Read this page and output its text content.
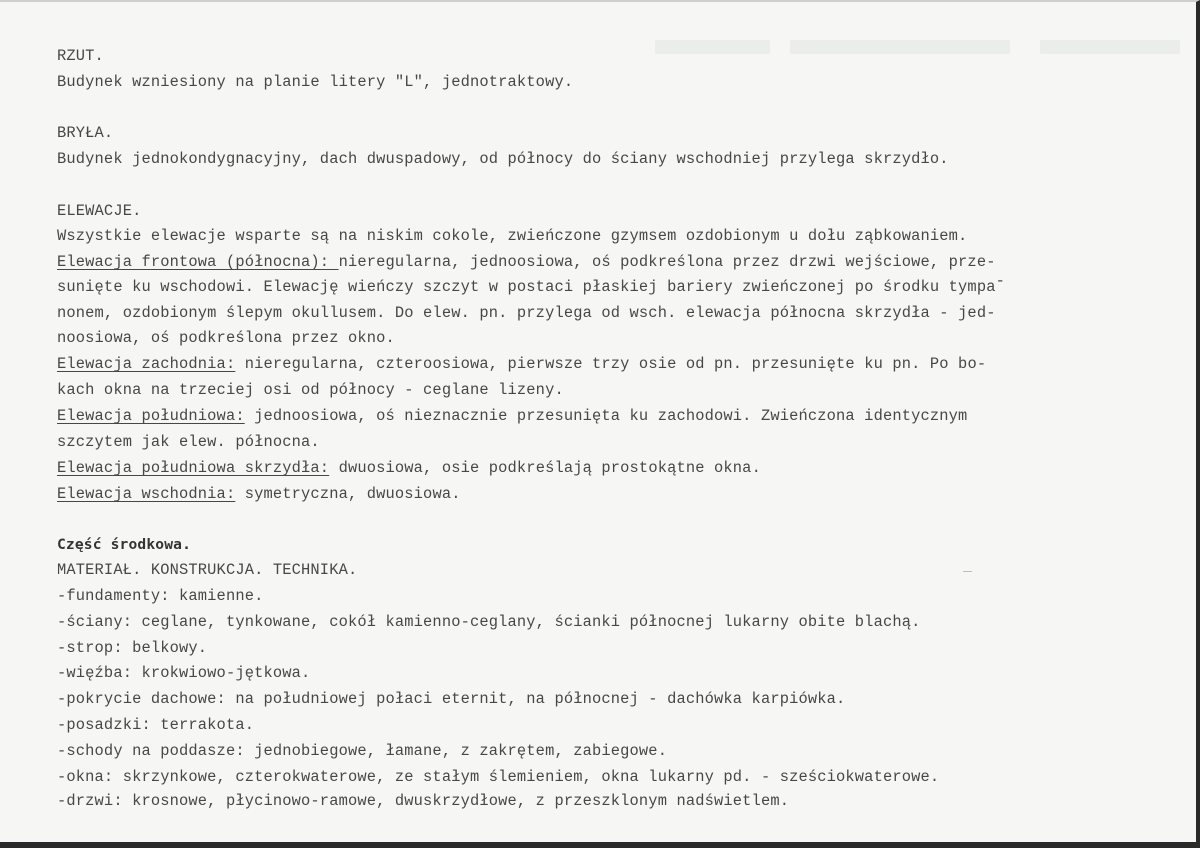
RZUT.
Budynek wzniesiony na planie litery "L", jednotraktowy.
BRYŁA.
Budynek jednokondygnacyjny, dach dwuspadowy, od północy do ściany wschodniej przylega skrzydło.
ELEWACJE.
Wszystkie elewacje wsparte są na niskim cokole, zwieńczone gzymsem ozdobionym u dołu ząbkowaniem.
Elewacja frontowa (północna): nieregularna, jednoosiowa, oś podkreślona przez drzwi wejściowe, prze-
sunięte ku wschodowi. Elewację wieńczy szczyt w postaci płaskiej bariery zwieńczonej po środku tympa-
nonem, ozdobionym ślepym okullusem. Do elew. pn. przylega od wsch. elewacja północna skrzydła - jed-
noosiowa, oś podkreślona przez okno.
Elewacja zachodnia: nieregularna, czteroosiowa, pierwsze trzy osie od pn. przesunięte ku pn. Po bo-
kach okna na trzeciej osi od północy - ceglane lizeny.
Elewacja południowa: jednoosiowa, oś nieznacznie przesunięta ku zachodowi. Zwieńczona identycznym
szczytem jak elew. północna.
Elewacja południowa skrzydła: dwuosiowa, osie podkreślają prostokątne okna.
Elewacja wschodnia: symetryczna, dwuosiowa.
Część środkowa.
MATERIAŁ. KONSTRUKCJA. TECHNIKA.
-fundamenty: kamienne.
-ściany: ceglane, tynkowane, cokół kamienno-ceglany, ścianki północnej lukarny obite blachą.
-strop: belkowy.
-więźba: krokwiowo-jętkowa.
-pokrycie dachowe: na południowej połaci eternit, na północnej - dachówka karpiówka.
-posadzki: terrakota.
-schody na poddasze: jednobiegowe, łamane, z zakrętem, zabiegowe.
-okna: skrzynkowe, czterokwaterowe, ze stałym ślemieniem, okna lukarny pd. - sześciokwaterowe.
-drzwi: krosnowe, płycinowo-ramowe, dwuskrzydłowe, z przeszklonym nadświetlem.
